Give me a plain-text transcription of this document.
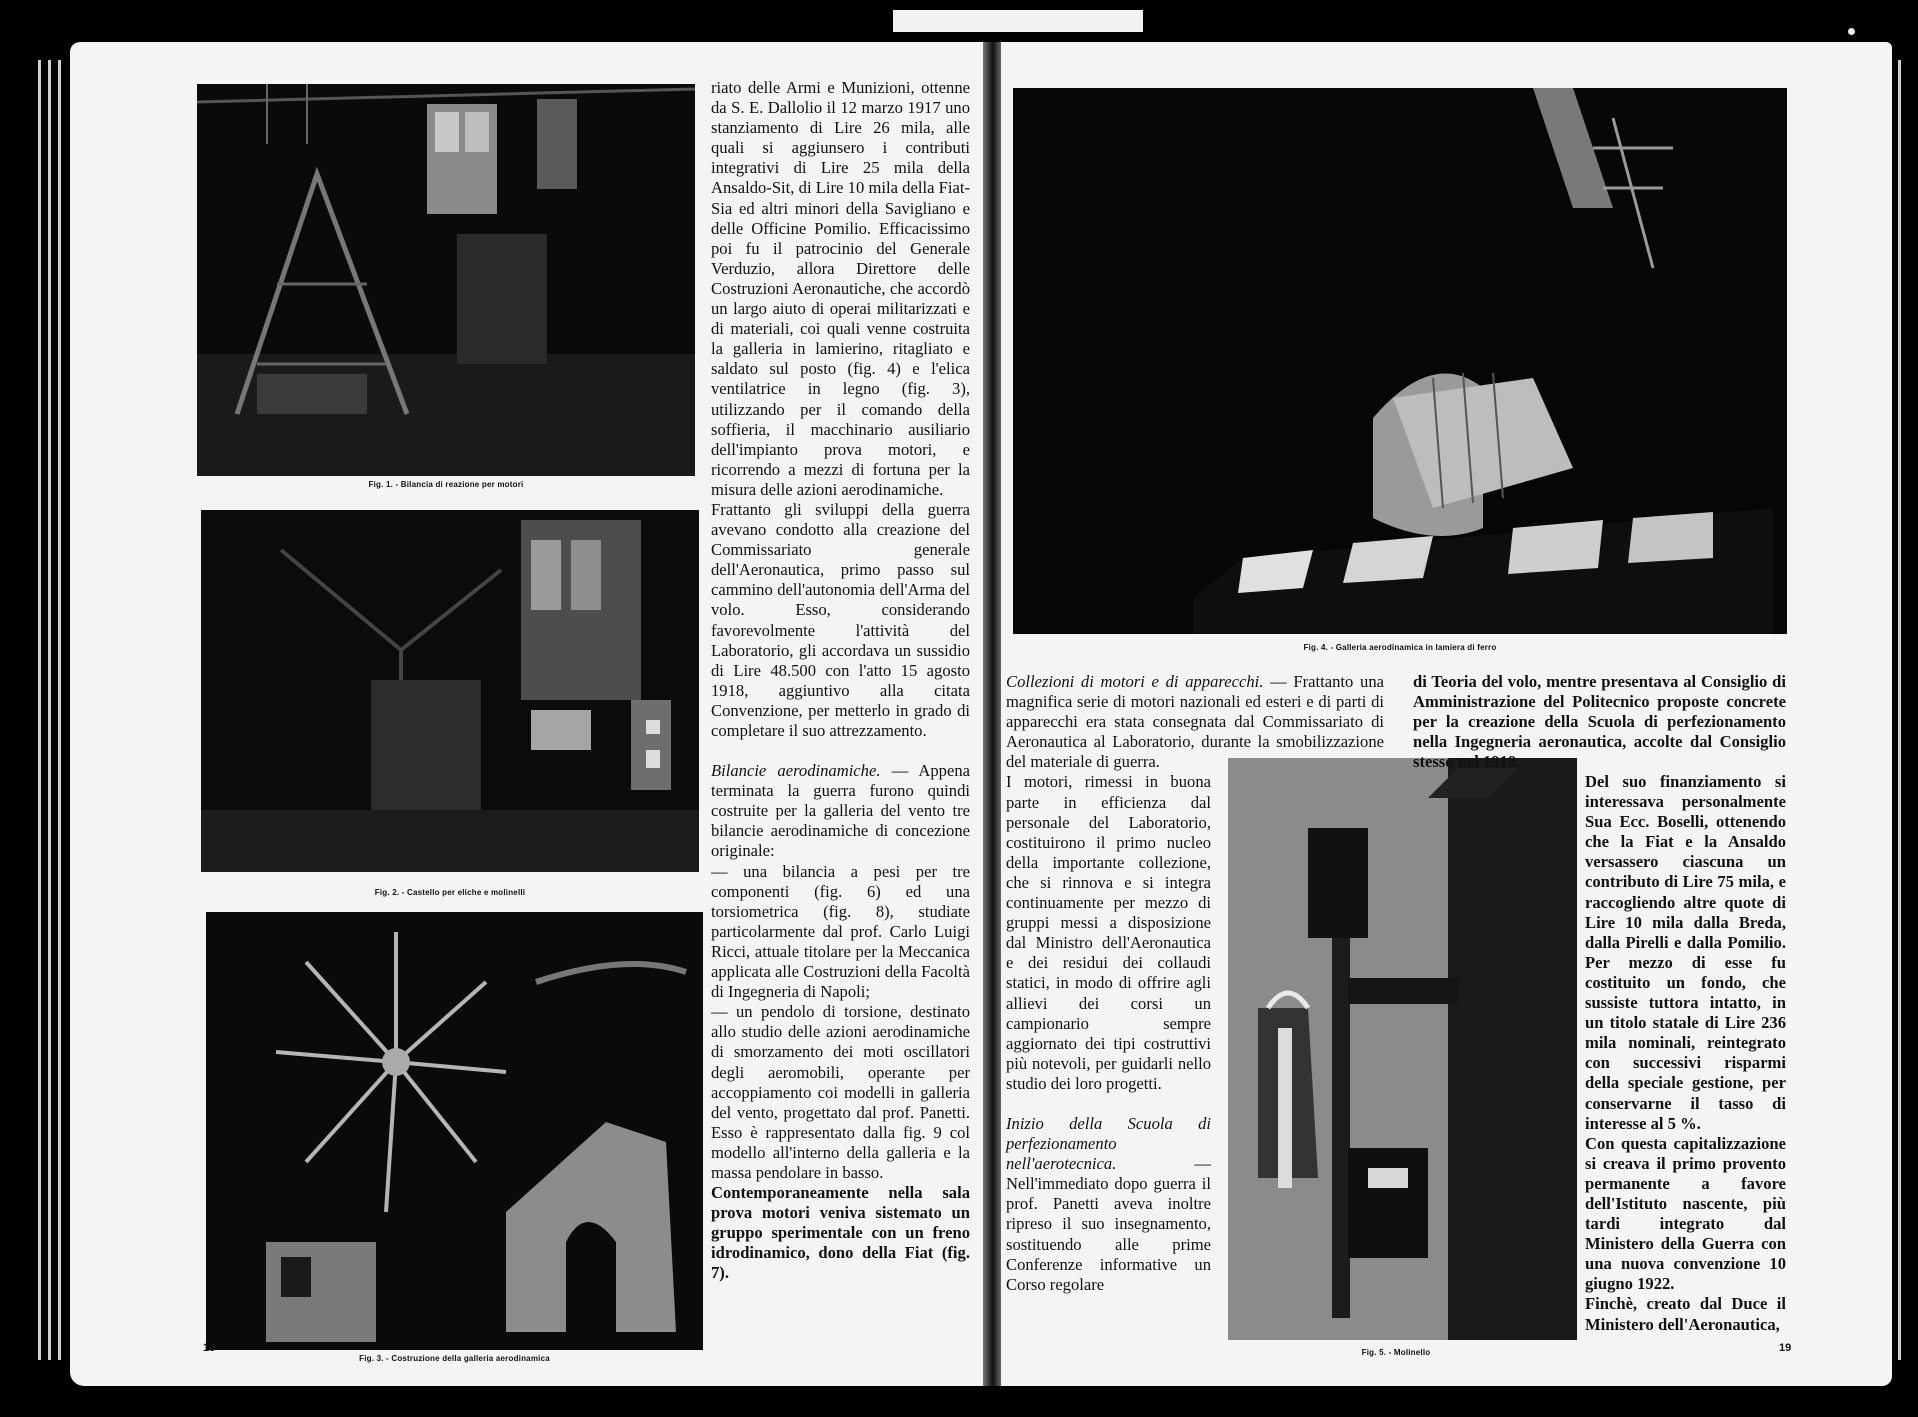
Fig. 1. - Bilancia di reazione per motori
Fig. 2. - Castello per eliche e molinelli
Fig. 3. - Costruzione della galleria aerodinamica
18

riato delle Armi e Munizioni, ottenne da S. E. Dallolio il 12 marzo 1917 uno stanziamento di Lire 26 mila, alle quali si aggiunsero i contributi integrativi di Lire 25 mila della Ansaldo-Sit, di Lire 10 mila della Fiat-Sia ed altri minori della Savigliano e delle Officine Pomilio. Efficacissimo poi fu il patrocinio del Generale Verduzio, allora Direttore delle Costruzioni Aeronautiche, che accordò un largo aiuto di operai militarizzati e di materiali, coi quali venne costruita la galleria in lamierino, ritagliato e saldato sul posto (fig. 4) e l'elica ventilatrice in legno (fig. 3), utilizzando per il comando della soffieria, il macchinario ausiliario dell'impianto prova motori, e ricorrendo a mezzi di fortuna per la misura delle azioni aerodinamiche.

Frattanto gli sviluppi della guerra avevano condotto alla creazione del Commissariato generale dell'Aeronautica, primo passo sul cammino dell'autonomia dell'Arma del volo. Esso, considerando favorevolmente l'attività del Laboratorio, gli accordava un sussidio di Lire 48.500 con l'atto 15 agosto 1918, aggiuntivo alla citata Convenzione, per metterlo in grado di completare il suo attrezzamento.

Bilancie aerodinamiche. — Appena terminata la guerra furono quindi costruite per la galleria del vento tre bilancie aerodinamiche di concezione originale:

— una bilancia a pesi per tre componenti (fig. 6) ed una torsiometrica (fig. 8), studiate particolarmente dal prof. Carlo Luigi Ricci, attuale titolare per la Meccanica applicata alle Costruzioni della Facoltà di Ingegneria di Napoli;

— un pendolo di torsione, destinato allo studio delle azioni aerodinamiche di smorzamento dei moti oscillatori degli aeromobili, operante per accoppiamento coi modelli in galleria del vento, progettato dal prof. Panetti. Esso è rappresentato dalla fig. 9 col modello all'interno della galleria e la massa pendolare in basso.

Contemporaneamente nella sala prova motori veniva sistemato un gruppo sperimentale con un freno idrodinamico, dono della Fiat (fig. 7).

Fig. 4. - Galleria aerodinamica in lamiera di ferro
Fig. 5. - Molinello	19

Collezioni di motori e di apparecchi. — Frattanto una magnifica serie di motori nazionali ed esteri e di parti di apparecchi era stata consegnata dal Commissariato di Aeronautica al Laboratorio, durante la smobilizzazione del materiale di guerra.

I motori, rimessi in buona parte in efficienza dal personale del Laboratorio, costituirono il primo nucleo della importante collezione, che si rinnova e si integra continuamente per mezzo di gruppi messi a disposizione dal Ministro dell'Aeronautica e dei residui dei collaudi statici, in modo di offrire agli allievi dei corsi un campionario sempre aggiornato dei tipi costruttivi più notevoli, per guidarli nello studio dei loro progetti.

Inizio della Scuola di perfezionamento nell'aerotecnica. — Nell'immediato dopo guerra il prof. Panetti aveva inoltre ripreso il suo insegnamento, sostituendo alle prime Conferenze informative un Corso regolare

di Teoria del volo, mentre presentava al Consiglio di Amministrazione del Politecnico proposte concrete per la creazione della Scuola di perfezionamento nella Ingegneria aeronautica, accolte dal Consiglio stesso nel 1919.

Del suo finanziamento si interessava personalmente Sua Ecc. Boselli, ottenendo che la Fiat e la Ansaldo versassero ciascuna un contributo di Lire 75 mila, e raccogliendo altre quote di Lire 10 mila dalla Breda, dalla Pirelli e dalla Pomilio. Per mezzo di esse fu costituito un fondo, che sussiste tuttora intatto, in un titolo statale di Lire 236 mila nominali, reintegrato con successivi risparmi della speciale gestione, per conservarne il tasso di interesse al 5 %.

Con questa capitalizzazione si creava il primo provento permanente a favore dell'Istituto nascente, più tardi integrato dal Ministero della Guerra con una nuova convenzione 10 giugno 1922.

Finchè, creato dal Duce il Ministero dell'Aeronautica,
